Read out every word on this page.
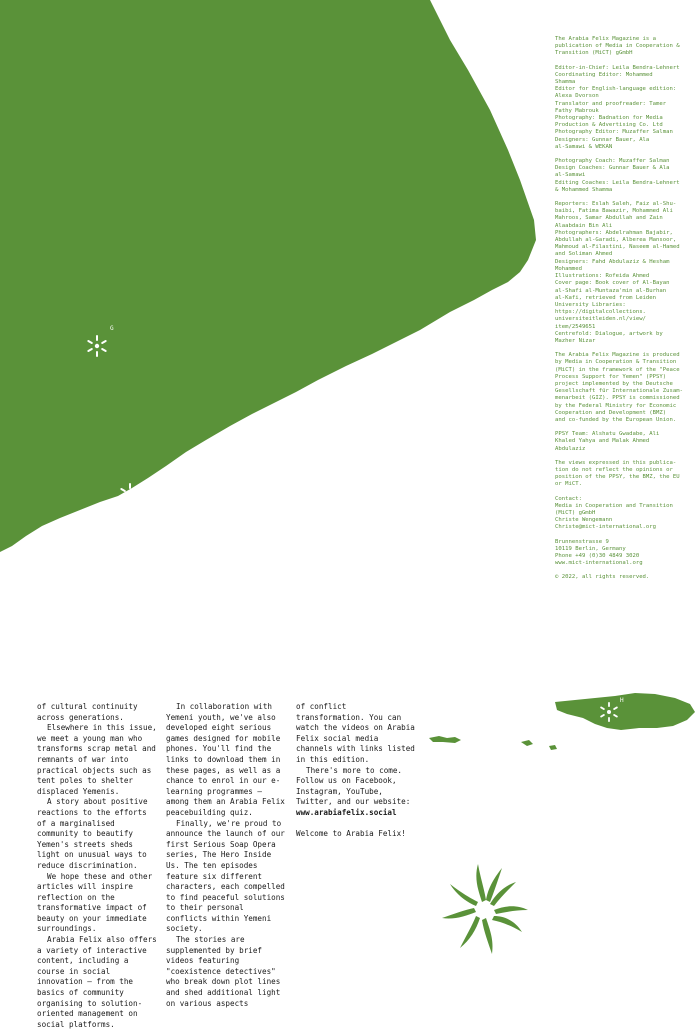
G
A

The Arabia Felix Magazine is a
publication of Media in Cooperation &
Transition (MiCT) gGmbH

Editor-in-Chief: Leila Bendra-Lehnert
Coordinating Editor: Mohammed
Shamma
Editor for English-language edition:
Alexa Dvorson
Translator and proofreader: Tamer
Fathy Mabrouk
Photography: Badnation for Media
Production & Advertising Co. Ltd
Photography Editor: Muzaffer Salman
Designers: Gunnar Bauer, Ala
al-Samawi & WEKAN

Photography Coach: Muzaffer Salman
Design Coaches: Gunnar Bauer & Ala
al-Samawi
Editing Coaches: Leila Bendra-Lehnert
& Mohammed Shamma

Reporters: Eslah Saleh, Faiz al-Shu-
baibi, Fatima Bawazir, Mohammed Ali
Mahroos, Samar Abdullah and Zain
Alaabdain Bin Ali
Photographers: Abdelrahman Bajabir,
Abdullah al-Garadi, Alberea Mansoor,
Mahmoud al-Filastini, Naseem al-Hamed
and Soliman Ahmed
Designers: Fahd Abdulaziz & Hesham
Mohammed
Illustrations: Rofeida Ahmed
Cover page: Book cover of Al-Bayan
al-Shafi al-Muntaza'min al-Burhan
al-Kafi, retrieved from Leiden
University Libraries:
https://digitalcollections.
universiteitleiden.nl/view/
item/2549651
Centrefold: Dialogue, artwork by
Mazher Nizar

The Arabia Felix Magazine is produced
by Media in Cooperation & Transition
(MiCT) in the framework of the "Peace
Process Support for Yemen" (PPSY)
project implemented by the Deutsche
Gesellschaft für Internationale Zusam-
menarbeit (GIZ). PPSY is commissioned
by the Federal Ministry for Economic
Cooperation and Development (BMZ)
and co-funded by the European Union.

PPSY Team: Alshatu Gwadabe, Ali
Khaled Yahya and Malak Ahmed
Abdulaziz

The views expressed in this publica-
tion do not reflect the opinions or
position of the PPSY, the BMZ, the EU
or MiCT.

Contact:
Media in Cooperation and Transition
(MiCT) gGmbH
Christe Wengemann
Christe@mict-international.org

Brunnenstrasse 9
10119 Berlin, Germany
Phone +49 (0)30 4849 3020
www.mict-international.org

© 2022, all rights reserved.

of cultural continuity across generations.

Elsewhere in this issue, we meet a young man who transforms scrap metal and remnants of war into practical objects such as tent poles to shelter displaced Yemenis.

A story about positive reactions to the efforts of a marginalised community to beautify Yemen's streets sheds light on unusual ways to reduce discrimination.

We hope these and other articles will inspire reflection on the transformative impact of beauty on your immediate surroundings.

Arabia Felix also offers a variety of interactive content, including a course in social innovation – from the basics of community organising to solution-oriented management on social platforms.

In collaboration with Yemeni youth, we've also developed eight serious games designed for mobile phones. You'll find the links to download them in these pages, as well as a chance to enrol in our e-learning programmes – among them an Arabia Felix peacebuilding quiz.

Finally, we're proud to announce the launch of our first Serious Soap Opera series, The Hero Inside Us. The ten episodes feature six different characters, each compelled to find peaceful solutions to their personal conflicts within Yemeni society.

The stories are supplemented by brief videos featuring "coexistence detectives" who break down plot lines and shed additional light on various aspects

of conflict transformation. You can watch the videos on Arabia Felix social media channels with links listed in this edition.

There's more to come. Follow us on Facebook, Instagram, YouTube, Twitter, and our website:

www.arabiafelix.social

Welcome to Arabia Felix!

H
